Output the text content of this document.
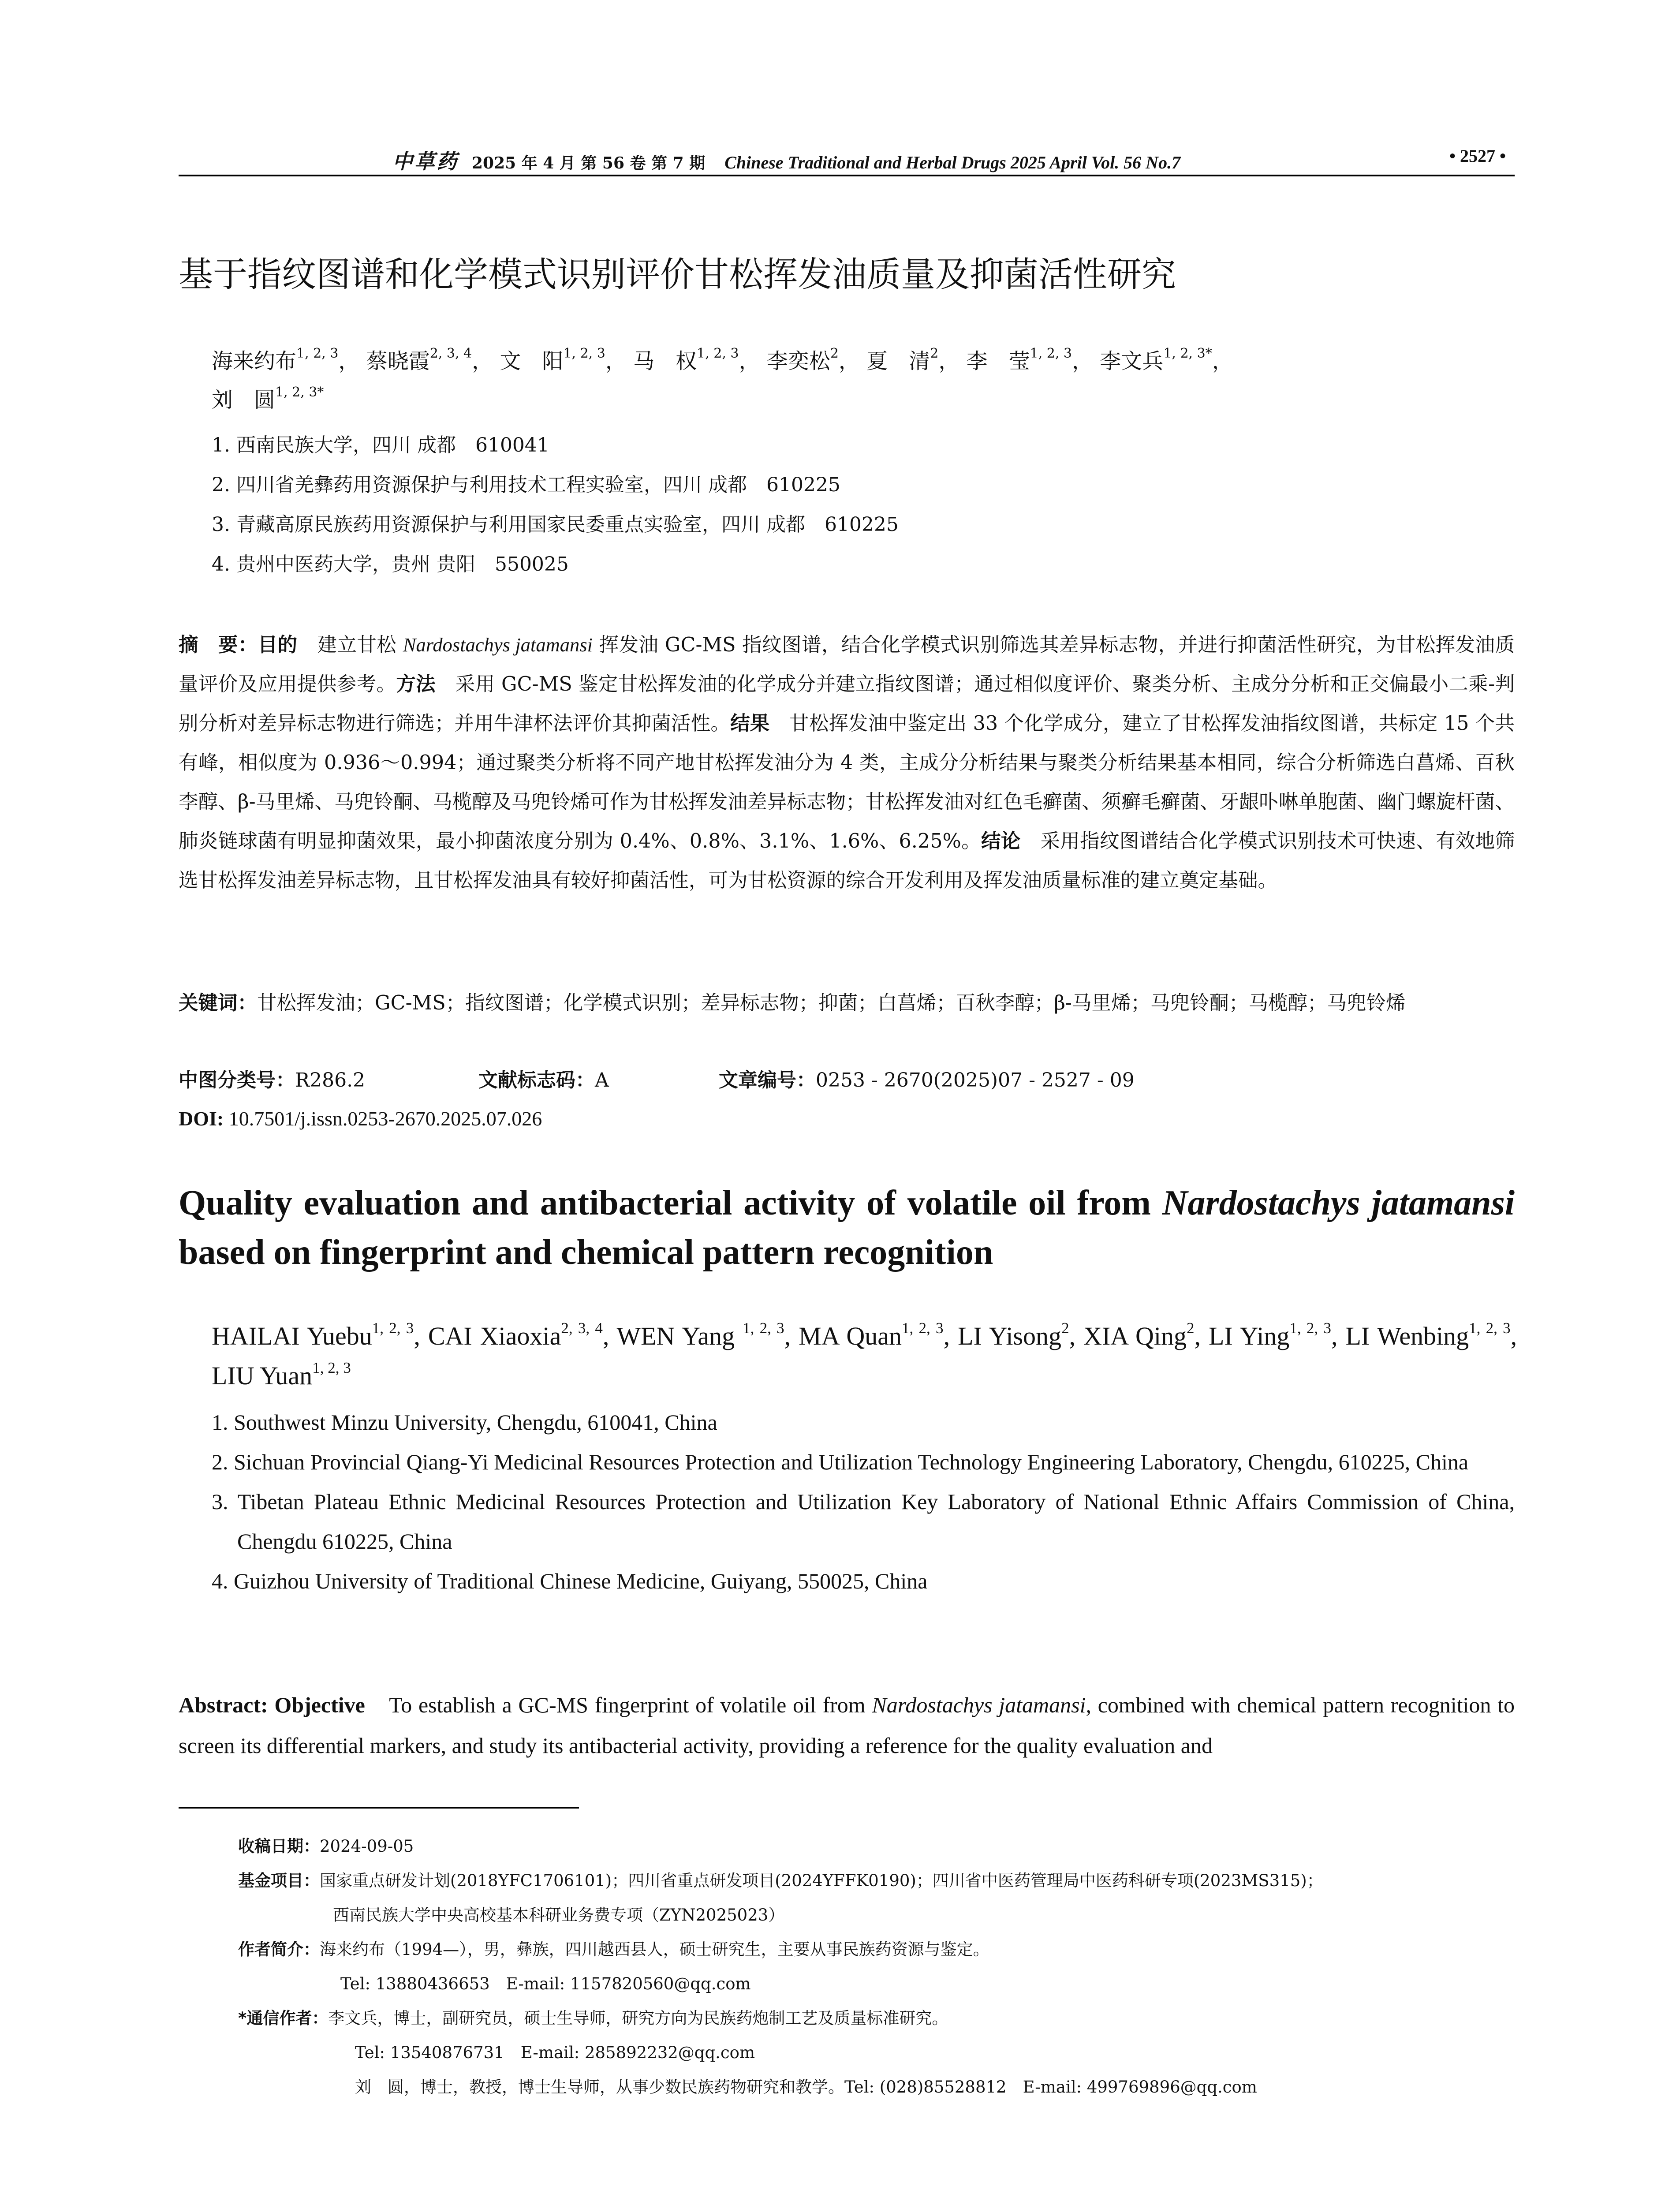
中草药 2025 年 4 月 第 56 卷 第 7 期 Chinese Traditional and Herbal Drugs 2025 April Vol. 56 No.7	• 2527 •
基于指纹图谱和化学模式识别评价甘松挥发油质量及抑菌活性研究
海来约布$^{1, 2, 3}$， 蔡晓霞$^{2, 3, 4}$， 文　阳$^{1, 2, 3}$， 马　权$^{1, 2, 3}$， 李奕松$^2$， 夏　清$^2$， 李　莹$^{1, 2, 3}$， 李文兵$^{1, 2, 3*}$，
刘　圆$^{1, 2, 3*}$
1. 西南民族大学，四川 成都　610041
2. 四川省羌彝药用资源保护与利用技术工程实验室，四川 成都　610225
3. 青藏高原民族药用资源保护与利用国家民委重点实验室，四川 成都　610225
4. 贵州中医药大学，贵州 贵阳　550025
摘　要：目的　建立甘松 Nardostachys jatamansi 挥发油 GC-MS 指纹图谱，结合化学模式识别筛选其差异标志物，并进行抑菌活性研究，为甘松挥发油质量评价及应用提供参考。方法　采用 GC-MS 鉴定甘松挥发油的化学成分并建立指纹图谱；通过相似度评价、聚类分析、主成分分析和正交偏最小二乘-判别分析对差异标志物进行筛选；并用牛津杯法评价其抑菌活性。结果　甘松挥发油中鉴定出 33 个化学成分，建立了甘松挥发油指纹图谱，共标定 15 个共有峰，相似度为 0.936～0.994；通过聚类分析将不同产地甘松挥发油分为 4 类，主成分分析结果与聚类分析结果基本相同，综合分析筛选白菖烯、百秋李醇、β-马里烯、马兜铃酮、马榄醇及马兜铃烯可作为甘松挥发油差异标志物；甘松挥发油对红色毛癣菌、须癣毛癣菌、牙龈卟啉单胞菌、幽门螺旋杆菌、肺炎链球菌有明显抑菌效果，最小抑菌浓度分别为 0.4%、0.8%、3.1%、1.6%、6.25%。结论　采用指纹图谱结合化学模式识别技术可快速、有效地筛选甘松挥发油差异标志物，且甘松挥发油具有较好抑菌活性，可为甘松资源的综合开发利用及挥发油质量标准的建立奠定基础。
关键词：甘松挥发油；GC-MS；指纹图谱；化学模式识别；差异标志物；抑菌；白菖烯；百秋李醇；β-马里烯；马兜铃酮；马榄醇；马兜铃烯
中图分类号：R286.2	文献标志码：A	文章编号：0253 - 2670(2025)07 - 2527 - 09
DOI: 10.7501/j.issn.0253-2670.2025.07.026
Quality evaluation and antibacterial activity of volatile oil from Nardostachys jatamansi based on fingerprint and chemical pattern recognition
HAILAI Yuebu$^{1, 2, 3}$, CAI Xiaoxia$^{2, 3, 4}$, WEN Yang $^{1, 2, 3}$, MA Quan$^{1, 2, 3}$, LI Yisong$^2$, XIA Qing$^2$, LI Ying$^{1, 2, 3}$, LI Wenbing$^{1, 2, 3}$, LIU Yuan$^{1, 2, 3}$
1. Southwest Minzu University, Chengdu, 610041, China
2. Sichuan Provincial Qiang-Yi Medicinal Resources Protection and Utilization Technology Engineering Laboratory, Chengdu, 610225, China
3. Tibetan Plateau Ethnic Medicinal Resources Protection and Utilization Key Laboratory of National Ethnic Affairs Commission of China, Chengdu 610225, China
4. Guizhou University of Traditional Chinese Medicine, Guiyang, 550025, China
Abstract: Objective　To establish a GC-MS fingerprint of volatile oil from Nardostachys jatamansi, combined with chemical pattern recognition to screen its differential markers, and study its antibacterial activity, providing a reference for the quality evaluation and
收稿日期：2024-09-05
基金项目：国家重点研发计划(2018YFC1706101)；四川省重点研发项目(2024YFFK0190)；四川省中医药管理局中医药科研专项(2023MS315)；
西南民族大学中央高校基本科研业务费专项（ZYN2025023）
作者简介：海来约布（1994—），男，彝族，四川越西县人，硕士研究生，主要从事民族药资源与鉴定。
Tel: 13880436653　E-mail: 1157820560@qq.com
*通信作者：李文兵，博士，副研究员，硕士生导师，研究方向为民族药炮制工艺及质量标准研究。
Tel: 13540876731　E-mail: 285892232@qq.com
刘　圆，博士，教授，博士生导师，从事少数民族药物研究和教学。Tel: (028)85528812　E-mail: 499769896@qq.com
